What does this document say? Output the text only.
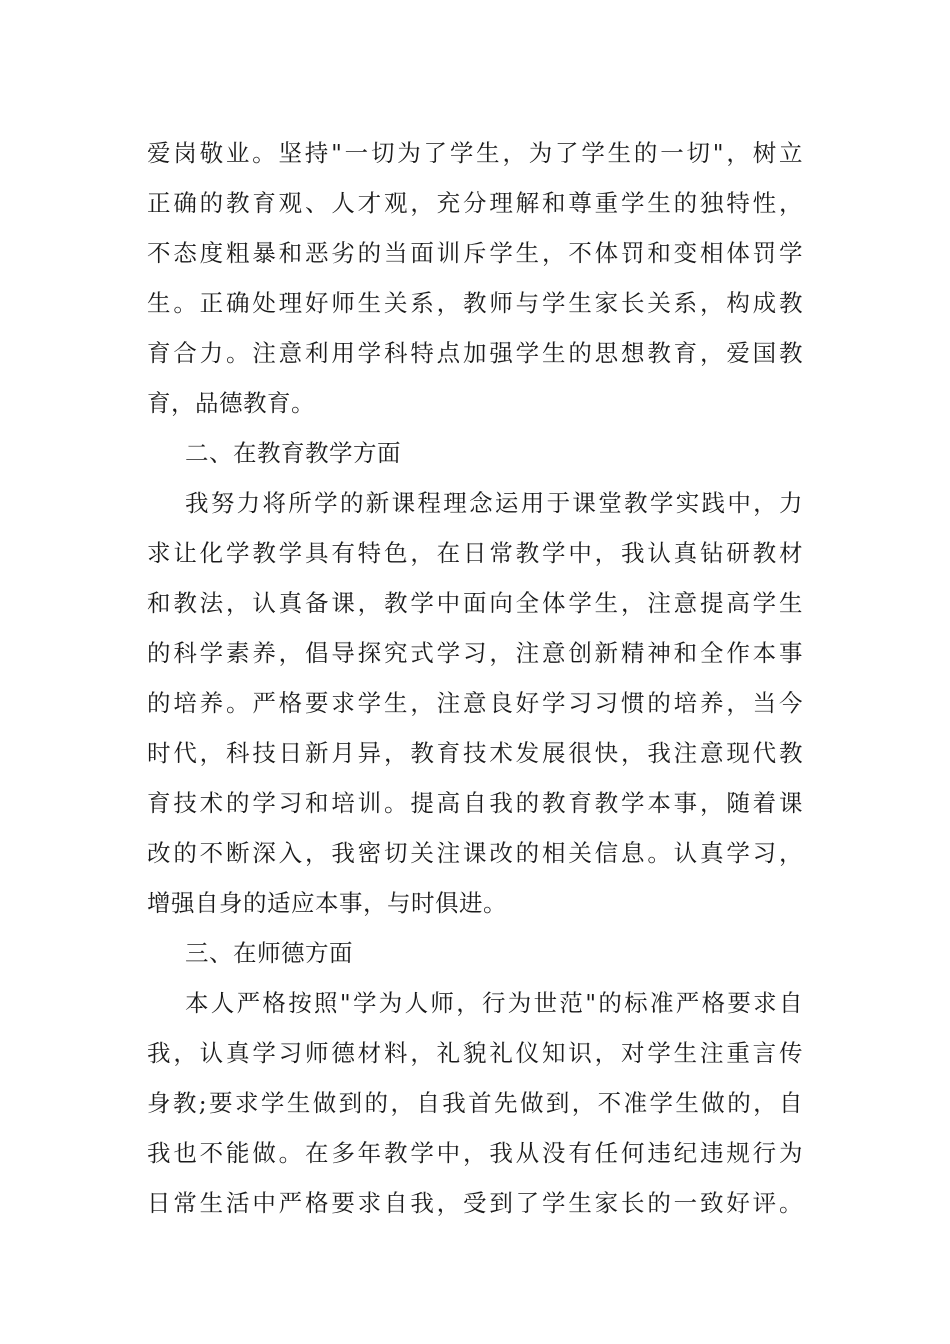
爱岗敬业。坚持"一切为了学生，为了学生的一切"，树立
正确的教育观、人才观，充分理解和尊重学生的独特性，
不态度粗暴和恶劣的当面训斥学生，不体罚和变相体罚学
生。正确处理好师生关系，教师与学生家长关系，构成教
育合力。注意利用学科特点加强学生的思想教育，爱国教
育，品德教育。
二、在教育教学方面
我努力将所学的新课程理念运用于课堂教学实践中，力
求让化学教学具有特色，在日常教学中，我认真钻研教材
和教法，认真备课，教学中面向全体学生，注意提高学生
的科学素养，倡导探究式学习，注意创新精神和全作本事
的培养。严格要求学生，注意良好学习习惯的培养，当今
时代，科技日新月异，教育技术发展很快，我注意现代教
育技术的学习和培训。提高自我的教育教学本事，随着课
改的不断深入，我密切关注课改的相关信息。认真学习，
增强自身的适应本事，与时俱进。
三、在师德方面
本人严格按照"学为人师，行为世范"的标准严格要求自
我，认真学习师德材料，礼貌礼仪知识，对学生注重言传
身教;要求学生做到的，自我首先做到，不准学生做的，自
我也不能做。在多年教学中，我从没有任何违纪违规行为
日常生活中严格要求自我，受到了学生家长的一致好评。
